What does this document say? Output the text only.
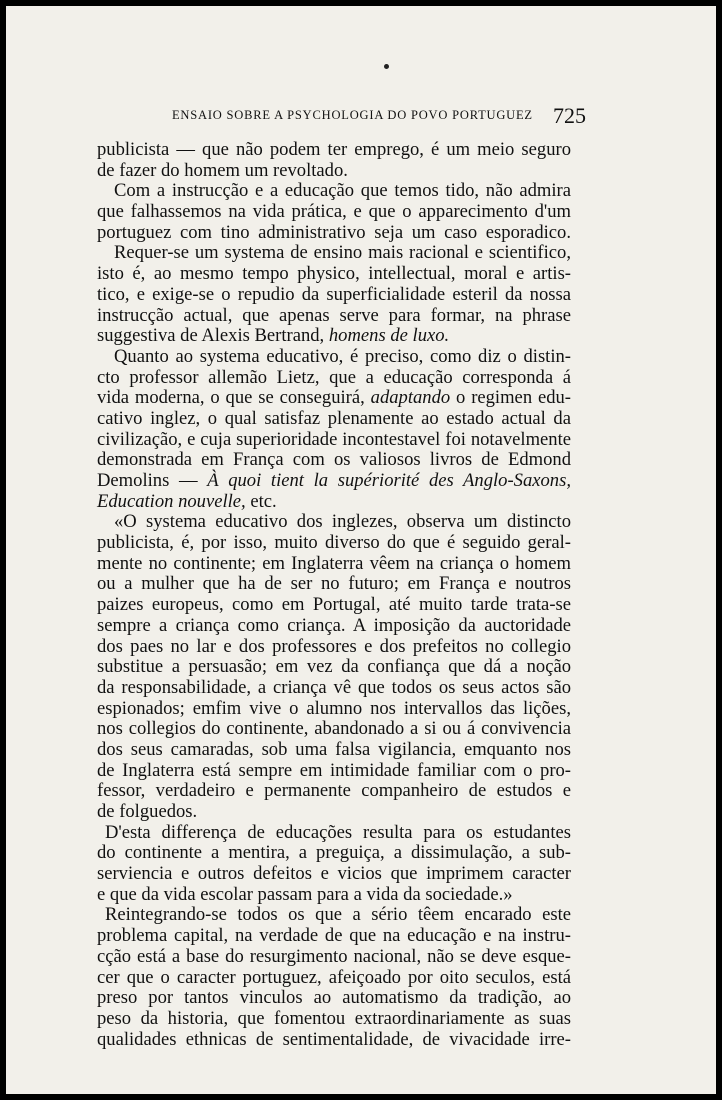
ENSAIO SOBRE A PSYCHOLOGIA DO POVO PORTUGUEZ 725
publicista — que não podem ter emprego, é um meio seguro
de fazer do homem um revoltado.
Com a instrucção e a educação que temos tido, não admira
que falhassemos na vida prática, e que o apparecimento d'um
portuguez com tino administrativo seja um caso esporadico.
Requer-se um systema de ensino mais racional e scientifico,
isto é, ao mesmo tempo physico, intellectual, moral e artis-
tico, e exige-se o repudio da superficialidade esteril da nossa
instrucção actual, que apenas serve para formar, na phrase
suggestiva de Alexis Bertrand, homens de luxo.
Quanto ao systema educativo, é preciso, como diz o distin-
cto professor allemão Lietz, que a educação corresponda á
vida moderna, o que se conseguirá, adaptando o regimen edu-
cativo inglez, o qual satisfaz plenamente ao estado actual da
civilização, e cuja superioridade incontestavel foi notavelmente
demonstrada em França com os valiosos livros de Edmond
Demolins — À quoi tient la supériorité des Anglo-Saxons,
Education nouvelle, etc.
«O systema educativo dos inglezes, observa um distincto
publicista, é, por isso, muito diverso do que é seguido geral-
mente no continente; em Inglaterra vêem na criança o homem
ou a mulher que ha de ser no futuro; em França e noutros
paizes europeus, como em Portugal, até muito tarde trata-se
sempre a criança como criança. A imposição da auctoridade
dos paes no lar e dos professores e dos prefeitos no collegio
substitue a persuasão; em vez da confiança que dá a noção
da responsabilidade, a criança vê que todos os seus actos são
espionados; emfim vive o alumno nos intervallos das lições,
nos collegios do continente, abandonado a si ou á convivencia
dos seus camaradas, sob uma falsa vigilancia, emquanto nos
de Inglaterra está sempre em intimidade familiar com o pro-
fessor, verdadeiro e permanente companheiro de estudos e
de folguedos.
D'esta differença de educações resulta para os estudantes
do continente a mentira, a preguiça, a dissimulação, a sub-
serviencia e outros defeitos e vicios que imprimem caracter
e que da vida escolar passam para a vida da sociedade.»
Reintegrando-se todos os que a sério têem encarado este
problema capital, na verdade de que na educação e na instru-
cção está a base do resurgimento nacional, não se deve esque-
cer que o caracter portuguez, afeiçoado por oito seculos, está
preso por tantos vinculos ao automatismo da tradição, ao
peso da historia, que fomentou extraordinariamente as suas
qualidades ethnicas de sentimentalidade, de vivacidade irre-
